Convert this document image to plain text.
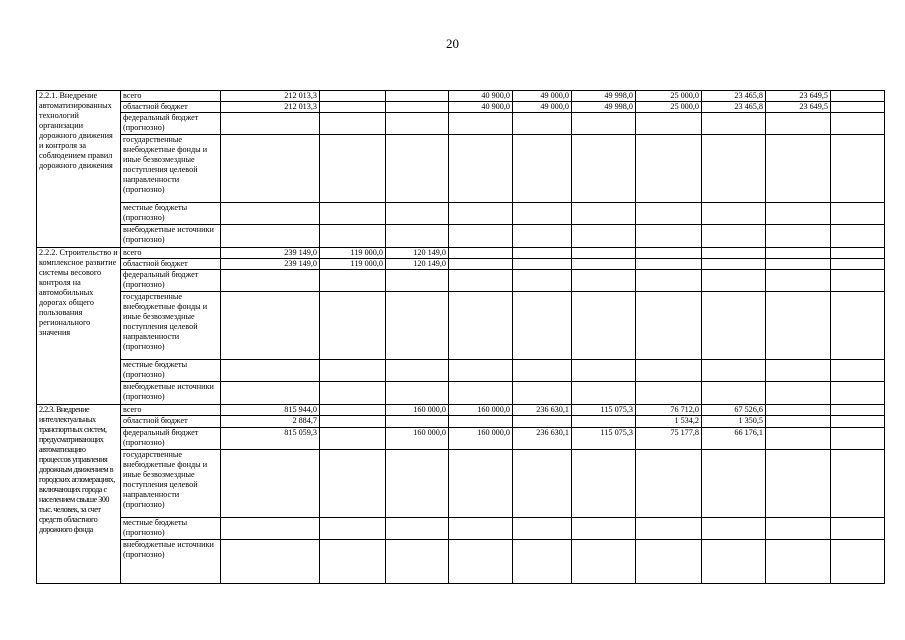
20
2.2.1. Внедрение автоматизированных технологий организации дорожного движения и контроля за соблюдением правил дорожного движения	всего	212 013,3			40 900,0	49 000,0	49 998,0	25 000,0	23 465,8	23 649,5	
	областной бюджет	212 013,3			40 900,0	49 000,0	49 998,0	25 000,0	23 465,8	23 649,5	
	федеральный бюджет (прогнозно)										
	государственные внебюджетные фонды и иные безвозмездные поступления целевой направленности (прогнозно)										
	местные бюджеты (прогнозно)										
	внебюджетные источники (прогнозно)										
2.2.2. Строительство и комплексное развитие системы весового контроля на автомобильных дорогах общего пользования регионального значения	всего	239 149,0	119 000,0	120 149,0							
	областной бюджет	239 149,0	119 000,0	120 149,0							
	федеральный бюджет (прогнозно)										
	государственные внебюджетные фонды и иные безвозмездные поступления целевой направленности (прогнозно)										
	местные бюджеты (прогнозно)										
	внебюджетные источники (прогнозно)										
2.2.3. Внедрение интеллектуальных транспортных систем, предусматривающих автоматизацию процессов управления дорожным движением в городских агломерациях, включающих города с населением свыше 300 тыс. человек, за счет средств областного дорожного фонда	всего	815 944,0		160 000,0	160 000,0	236 630,1	115 075,3	76 712,0	67 526,6		
	областной бюджет	2 884,7						1 534,2	1 350,5		
	федеральный бюджет (прогнозно)	815 059,3		160 000,0	160 000,0	236 630,1	115 075,3	75 177,8	66 176,1		
	государственные внебюджетные фонды и иные безвозмездные поступления целевой направленности (прогнозно)										
	местные бюджеты (прогнозно)										
	внебюджетные источники (прогнозно)										
